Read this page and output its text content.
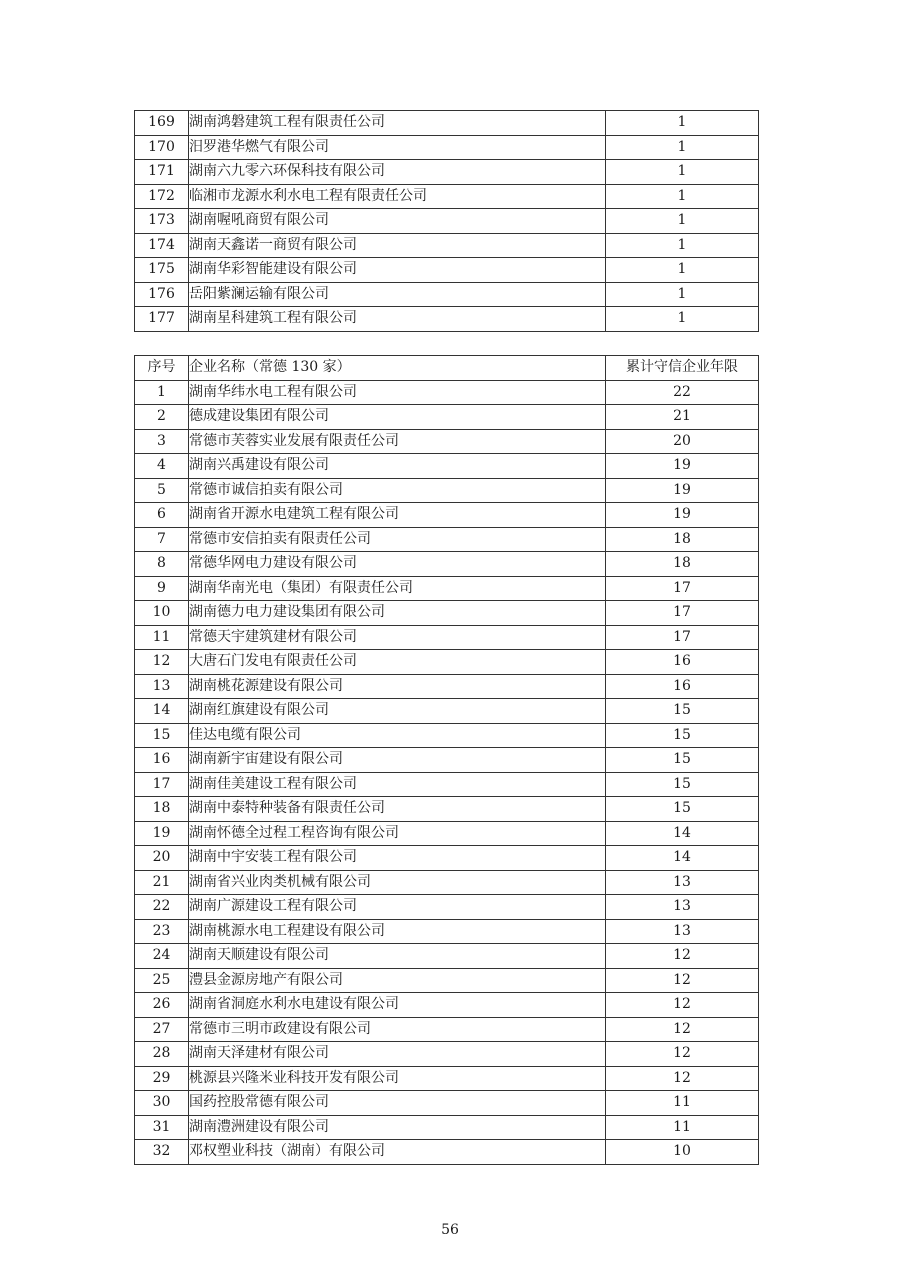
169	湖南鸿磐建筑工程有限责任公司	1
170	汨罗港华燃气有限公司	1
171	湖南六九零六环保科技有限公司	1
172	临湘市龙源水利水电工程有限责任公司	1
173	湖南喔吼商贸有限公司	1
174	湖南天鑫诺一商贸有限公司	1
175	湖南华彩智能建设有限公司	1
176	岳阳紫澜运输有限公司	1
177	湖南星科建筑工程有限公司	1
序号	企业名称（常德 130 家）	累计守信企业年限
1	湖南华纬水电工程有限公司	22
2	德成建设集团有限公司	21
3	常德市芙蓉实业发展有限责任公司	20
4	湖南兴禹建设有限公司	19
5	常德市诚信拍卖有限公司	19
6	湖南省开源水电建筑工程有限公司	19
7	常德市安信拍卖有限责任公司	18
8	常德华网电力建设有限公司	18
9	湖南华南光电（集团）有限责任公司	17
10	湖南德力电力建设集团有限公司	17
11	常德天宇建筑建材有限公司	17
12	大唐石门发电有限责任公司	16
13	湖南桃花源建设有限公司	16
14	湖南红旗建设有限公司	15
15	佳达电缆有限公司	15
16	湖南新宇宙建设有限公司	15
17	湖南佳美建设工程有限公司	15
18	湖南中泰特种装备有限责任公司	15
19	湖南怀德全过程工程咨询有限公司	14
20	湖南中宇安装工程有限公司	14
21	湖南省兴业肉类机械有限公司	13
22	湖南广源建设工程有限公司	13
23	湖南桃源水电工程建设有限公司	13
24	湖南天顺建设有限公司	12
25	澧县金源房地产有限公司	12
26	湖南省洞庭水利水电建设有限公司	12
27	常德市三明市政建设有限公司	12
28	湖南天泽建材有限公司	12
29	桃源县兴隆米业科技开发有限公司	12
30	国药控股常德有限公司	11
31	湖南澧洲建设有限公司	11
32	邓权塑业科技（湖南）有限公司	10
56
